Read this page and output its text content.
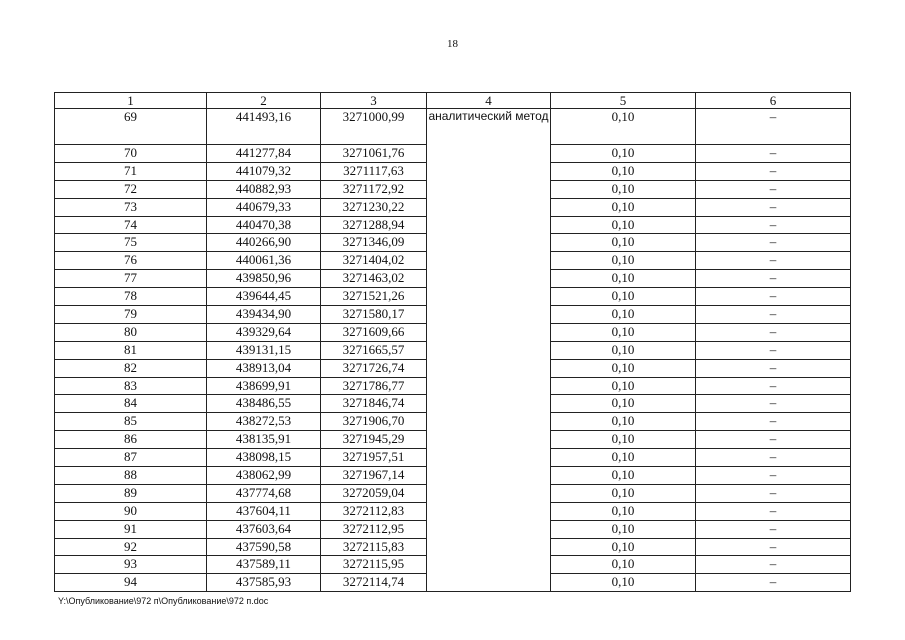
18
1	2	3	4	5	6
69	441493,16	3271000,99	аналитический метод	0,10	–
70	441277,84	3271061,76		0,10	–
71	441079,32	3271117,63		0,10	–
72	440882,93	3271172,92		0,10	–
73	440679,33	3271230,22		0,10	–
74	440470,38	3271288,94		0,10	–
75	440266,90	3271346,09		0,10	–
76	440061,36	3271404,02		0,10	–
77	439850,96	3271463,02		0,10	–
78	439644,45	3271521,26		0,10	–
79	439434,90	3271580,17		0,10	–
80	439329,64	3271609,66		0,10	–
81	439131,15	3271665,57		0,10	–
82	438913,04	3271726,74		0,10	–
83	438699,91	3271786,77		0,10	–
84	438486,55	3271846,74		0,10	–
85	438272,53	3271906,70		0,10	–
86	438135,91	3271945,29		0,10	–
87	438098,15	3271957,51		0,10	–
88	438062,99	3271967,14		0,10	–
89	437774,68	3272059,04		0,10	–
90	437604,11	3272112,83		0,10	–
91	437603,64	3272112,95		0,10	–
92	437590,58	3272115,83		0,10	–
93	437589,11	3272115,95		0,10	–
94	437585,93	3272114,74		0,10	–
Y:\Опубликование\972 п\Опубликование\972 п.doc
